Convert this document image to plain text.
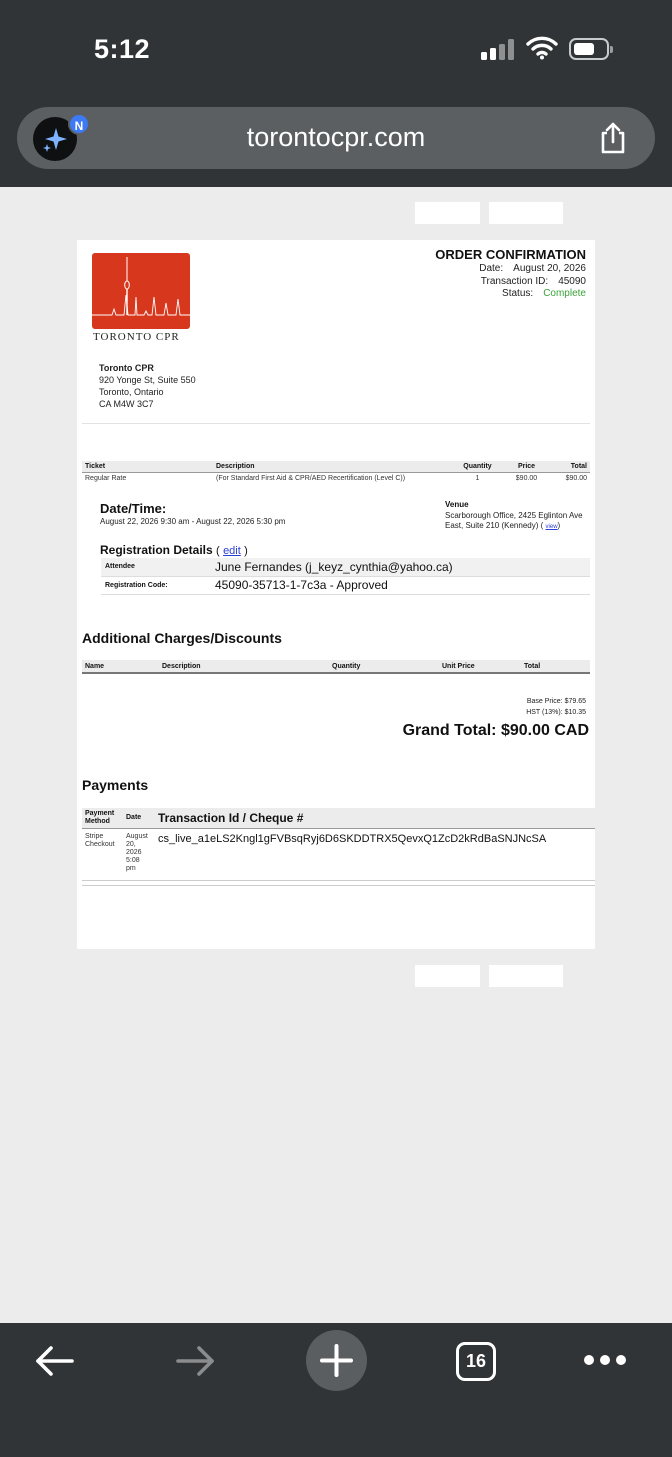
5:12
N	torontocpr.com
TORONTO CPR
ORDER CONFIRMATION
Date: August 20, 2026
Transaction ID: 45090
Status: Complete
Toronto CPR
920 Yonge St, Suite 550
Toronto, Ontario
CA M4W 3C7
Ticket	Description	Quantity	Price	Total
Regular Rate	(For Standard First Aid & CPR/AED Recertification (Level C))	1	$90.00	$90.00
Date/Time:
August 22, 2026 9:30 am - August 22, 2026 5:30 pm
Venue
Scarborough Office, 2425 Eglinton Ave East, Suite 210 (Kennedy) ( view)
Registration Details ( edit )
Attendee	June Fernandes (j_keyz_cynthia@yahoo.ca)
Registration Code:	45090-35713-1-7c3a - Approved
Additional Charges/Discounts
Name	Description	Quantity	Unit Price	Total
Base Price: $79.65
HST (13%): $10.35
Grand Total: $90.00 CAD
Payments
Payment Method	Date	Transaction Id / Cheque #
Stripe Checkout	August
20,
2026
5:08
pm	cs_live_a1eLS2Kngl1gFVBsqRyj6D6SKDDTRX5QevxQ1ZcD2kRdBaSNJNcSA
16
